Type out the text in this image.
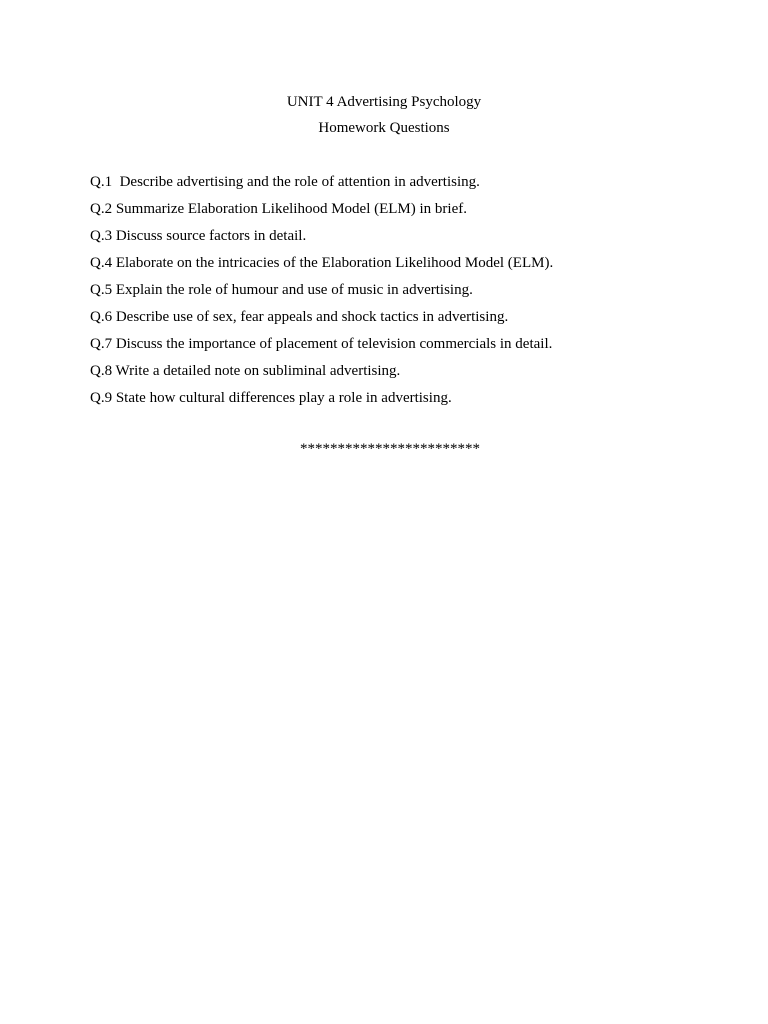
UNIT 4 Advertising Psychology
Homework Questions
Q.1  Describe advertising and the role of attention in advertising.
Q.2 Summarize Elaboration Likelihood Model (ELM) in brief.
Q.3 Discuss source factors in detail.
Q.4 Elaborate on the intricacies of the Elaboration Likelihood Model (ELM).
Q.5 Explain the role of humour and use of music in advertising.
Q.6 Describe use of sex, fear appeals and shock tactics in advertising.
Q.7 Discuss the importance of placement of television commercials in detail.
Q.8 Write a detailed note on subliminal advertising.
Q.9 State how cultural differences play a role in advertising.
************************
